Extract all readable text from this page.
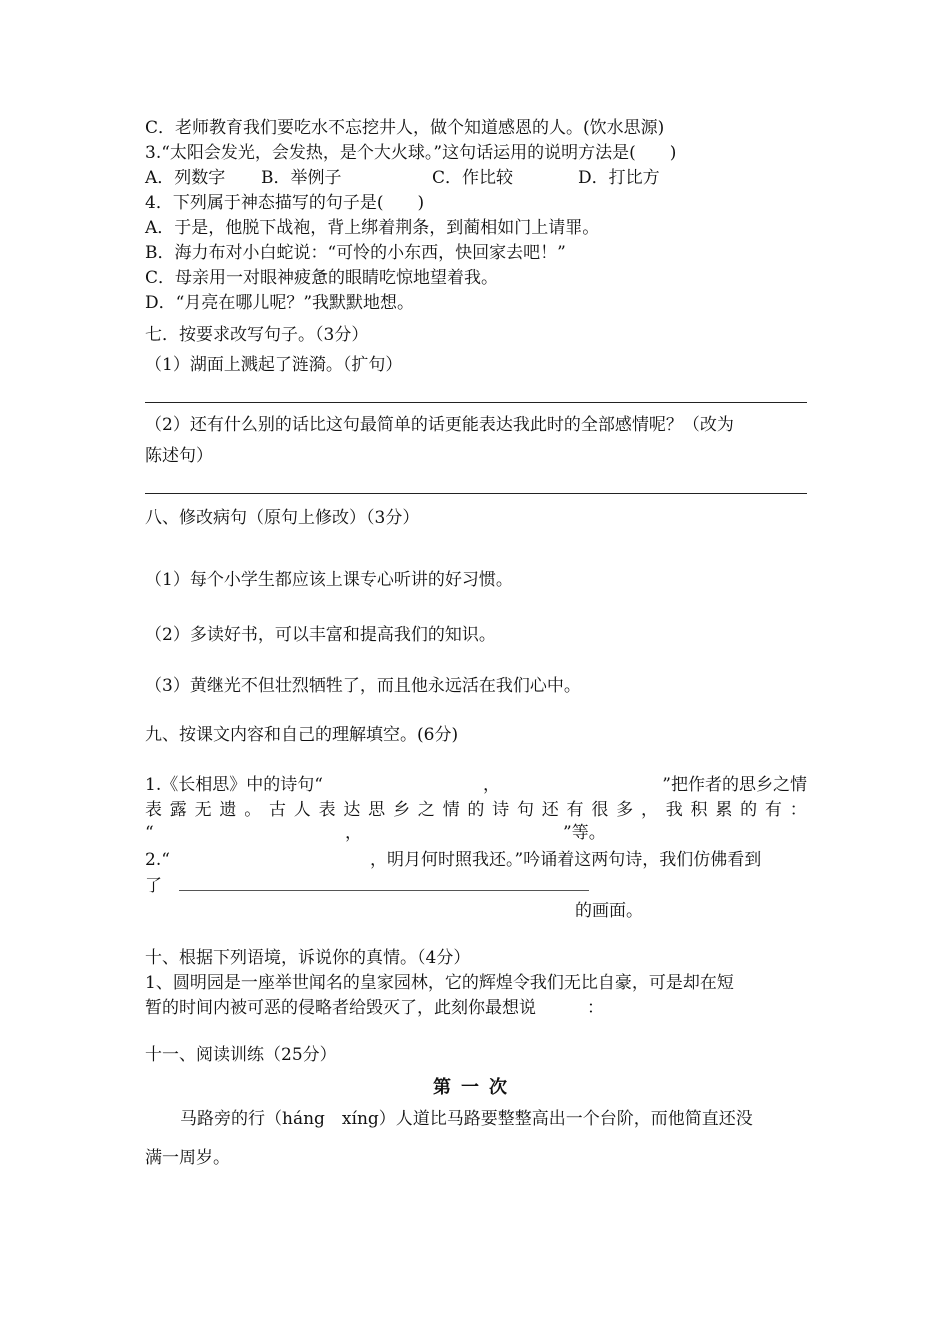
C．老师教育我们要吃水不忘挖井人，做个知道感恩的人。(饮水思源)
3.“太阳会发光，会发热，是个大火球。”这句话运用的说明方法是(　　)
A．列数字 B．举例子	C．作比较	D．打比方
4．下列属于神态描写的句子是(　　)
A．于是，他脱下战袍，背上绑着荆条，到蔺相如门上请罪。
B．海力布对小白蛇说：“可怜的小东西，快回家去吧！”
C．母亲用一对眼神疲惫的眼睛吃惊地望着我。
D．“月亮在哪儿呢？”我默默地想。
七．按要求改写句子。（3分）
（1）湖面上溅起了涟漪。（扩句）
（2）还有什么别的话比这句最简单的话更能表达我此时的全部感情呢？（改为
陈述句）
八、修改病句（原句上修改）（3分）
（1）每个小学生都应该上课专心听讲的好习惯。
（2）多读好书，可以丰富和提高我们的知识。
（3）黄继光不但壮烈牺牲了，而且他永远活在我们心中。
九、按课文内容和自己的理解填空。(6分)
1.《长相思》中的诗句“	，	”把作者的思乡之情
表 露 无 遗 。 古 人 表 达 思 乡 之 情 的 诗 句 还 有 很 多 ， 我 积 累 的 有 ：
“	，	”等。
2.“	，明月何时照我还。”吟诵着这两句诗，我们仿佛看到
了
的画面。
十、根据下列语境，诉说你的真情。（4分）
1、圆明园是一座举世闻名的皇家园林，它的辉煌令我们无比自豪，可是却在短
暂的时间内被可恶的侵略者给毁灭了，此刻你最想说　　　：
十一、阅读训练（25分）
第一次
马路旁的行（háng　xíng）人道比马路要整整高出一个台阶，而他简直还没
满一周岁。
